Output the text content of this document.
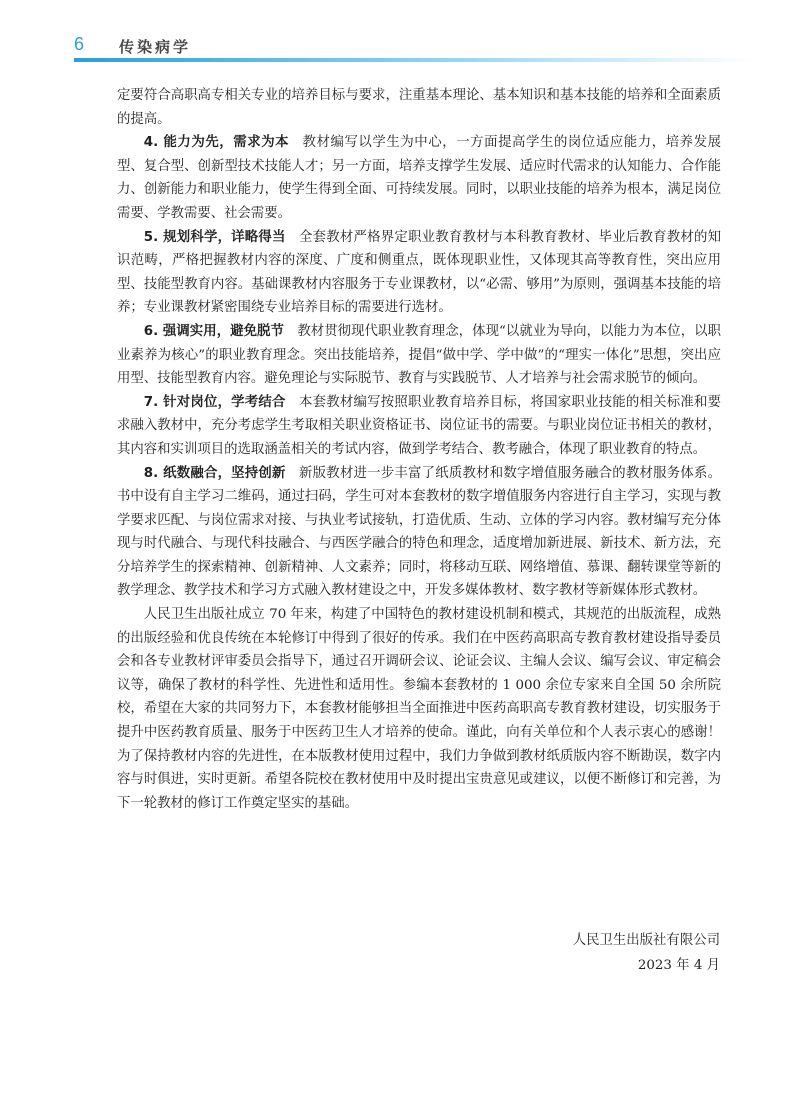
6 传染病学

定要符合高职高专相关专业的培养目标与要求，注重基本理论、基本知识和基本技能的培养和全面素质的提高。

4. 能力为先，需求为本 教材编写以学生为中心，一方面提高学生的岗位适应能力，培养发展型、复合型、创新型技术技能人才；另一方面，培养支撑学生发展、适应时代需求的认知能力、合作能力、创新能力和职业能力，使学生得到全面、可持续发展。同时，以职业技能的培养为根本，满足岗位需要、学教需要、社会需要。

5. 规划科学，详略得当 全套教材严格界定职业教育教材与本科教育教材、毕业后教育教材的知识范畴，严格把握教材内容的深度、广度和侧重点，既体现职业性，又体现其高等教育性，突出应用型、技能型教育内容。基础课教材内容服务于专业课教材，以“必需、够用”为原则，强调基本技能的培养；专业课教材紧密围绕专业培养目标的需要进行选材。

6. 强调实用，避免脱节 教材贯彻现代职业教育理念，体现“以就业为导向，以能力为本位，以职业素养为核心”的职业教育理念。突出技能培养，提倡“做中学、学中做”的“理实一体化”思想，突出应用型、技能型教育内容。避免理论与实际脱节、教育与实践脱节、人才培养与社会需求脱节的倾向。

7. 针对岗位，学考结合 本套教材编写按照职业教育培养目标，将国家职业技能的相关标准和要求融入教材中，充分考虑学生考取相关职业资格证书、岗位证书的需要。与职业岗位证书相关的教材，其内容和实训项目的选取涵盖相关的考试内容，做到学考结合、教考融合，体现了职业教育的特点。

8. 纸数融合，坚持创新 新版教材进一步丰富了纸质教材和数字增值服务融合的教材服务体系。书中设有自主学习二维码，通过扫码，学生可对本套教材的数字增值服务内容进行自主学习，实现与教学要求匹配、与岗位需求对接、与执业考试接轨，打造优质、生动、立体的学习内容。教材编写充分体现与时代融合、与现代科技融合、与西医学融合的特色和理念，适度增加新进展、新技术、新方法，充分培养学生的探索精神、创新精神、人文素养；同时，将移动互联、网络增值、慕课、翻转课堂等新的教学理念、教学技术和学习方式融入教材建设之中，开发多媒体教材、数字教材等新媒体形式教材。

人民卫生出版社成立 70 年来，构建了中国特色的教材建设机制和模式，其规范的出版流程，成熟的出版经验和优良传统在本轮修订中得到了很好的传承。我们在中医药高职高专教育教材建设指导委员会和各专业教材评审委员会指导下，通过召开调研会议、论证会议、主编人会议、编写会议、审定稿会议等，确保了教材的科学性、先进性和适用性。参编本套教材的 1 000 余位专家来自全国 50 余所院校，希望在大家的共同努力下，本套教材能够担当全面推进中医药高职高专教育教材建设，切实服务于提升中医药教育质量、服务于中医药卫生人才培养的使命。谨此，向有关单位和个人表示衷心的感谢！为了保持教材内容的先进性，在本版教材使用过程中，我们力争做到教材纸质版内容不断勘误，数字内容与时俱进，实时更新。希望各院校在教材使用中及时提出宝贵意见或建议，以便不断修订和完善，为下一轮教材的修订工作奠定坚实的基础。

人民卫生出版社有限公司
2023 年 4 月
